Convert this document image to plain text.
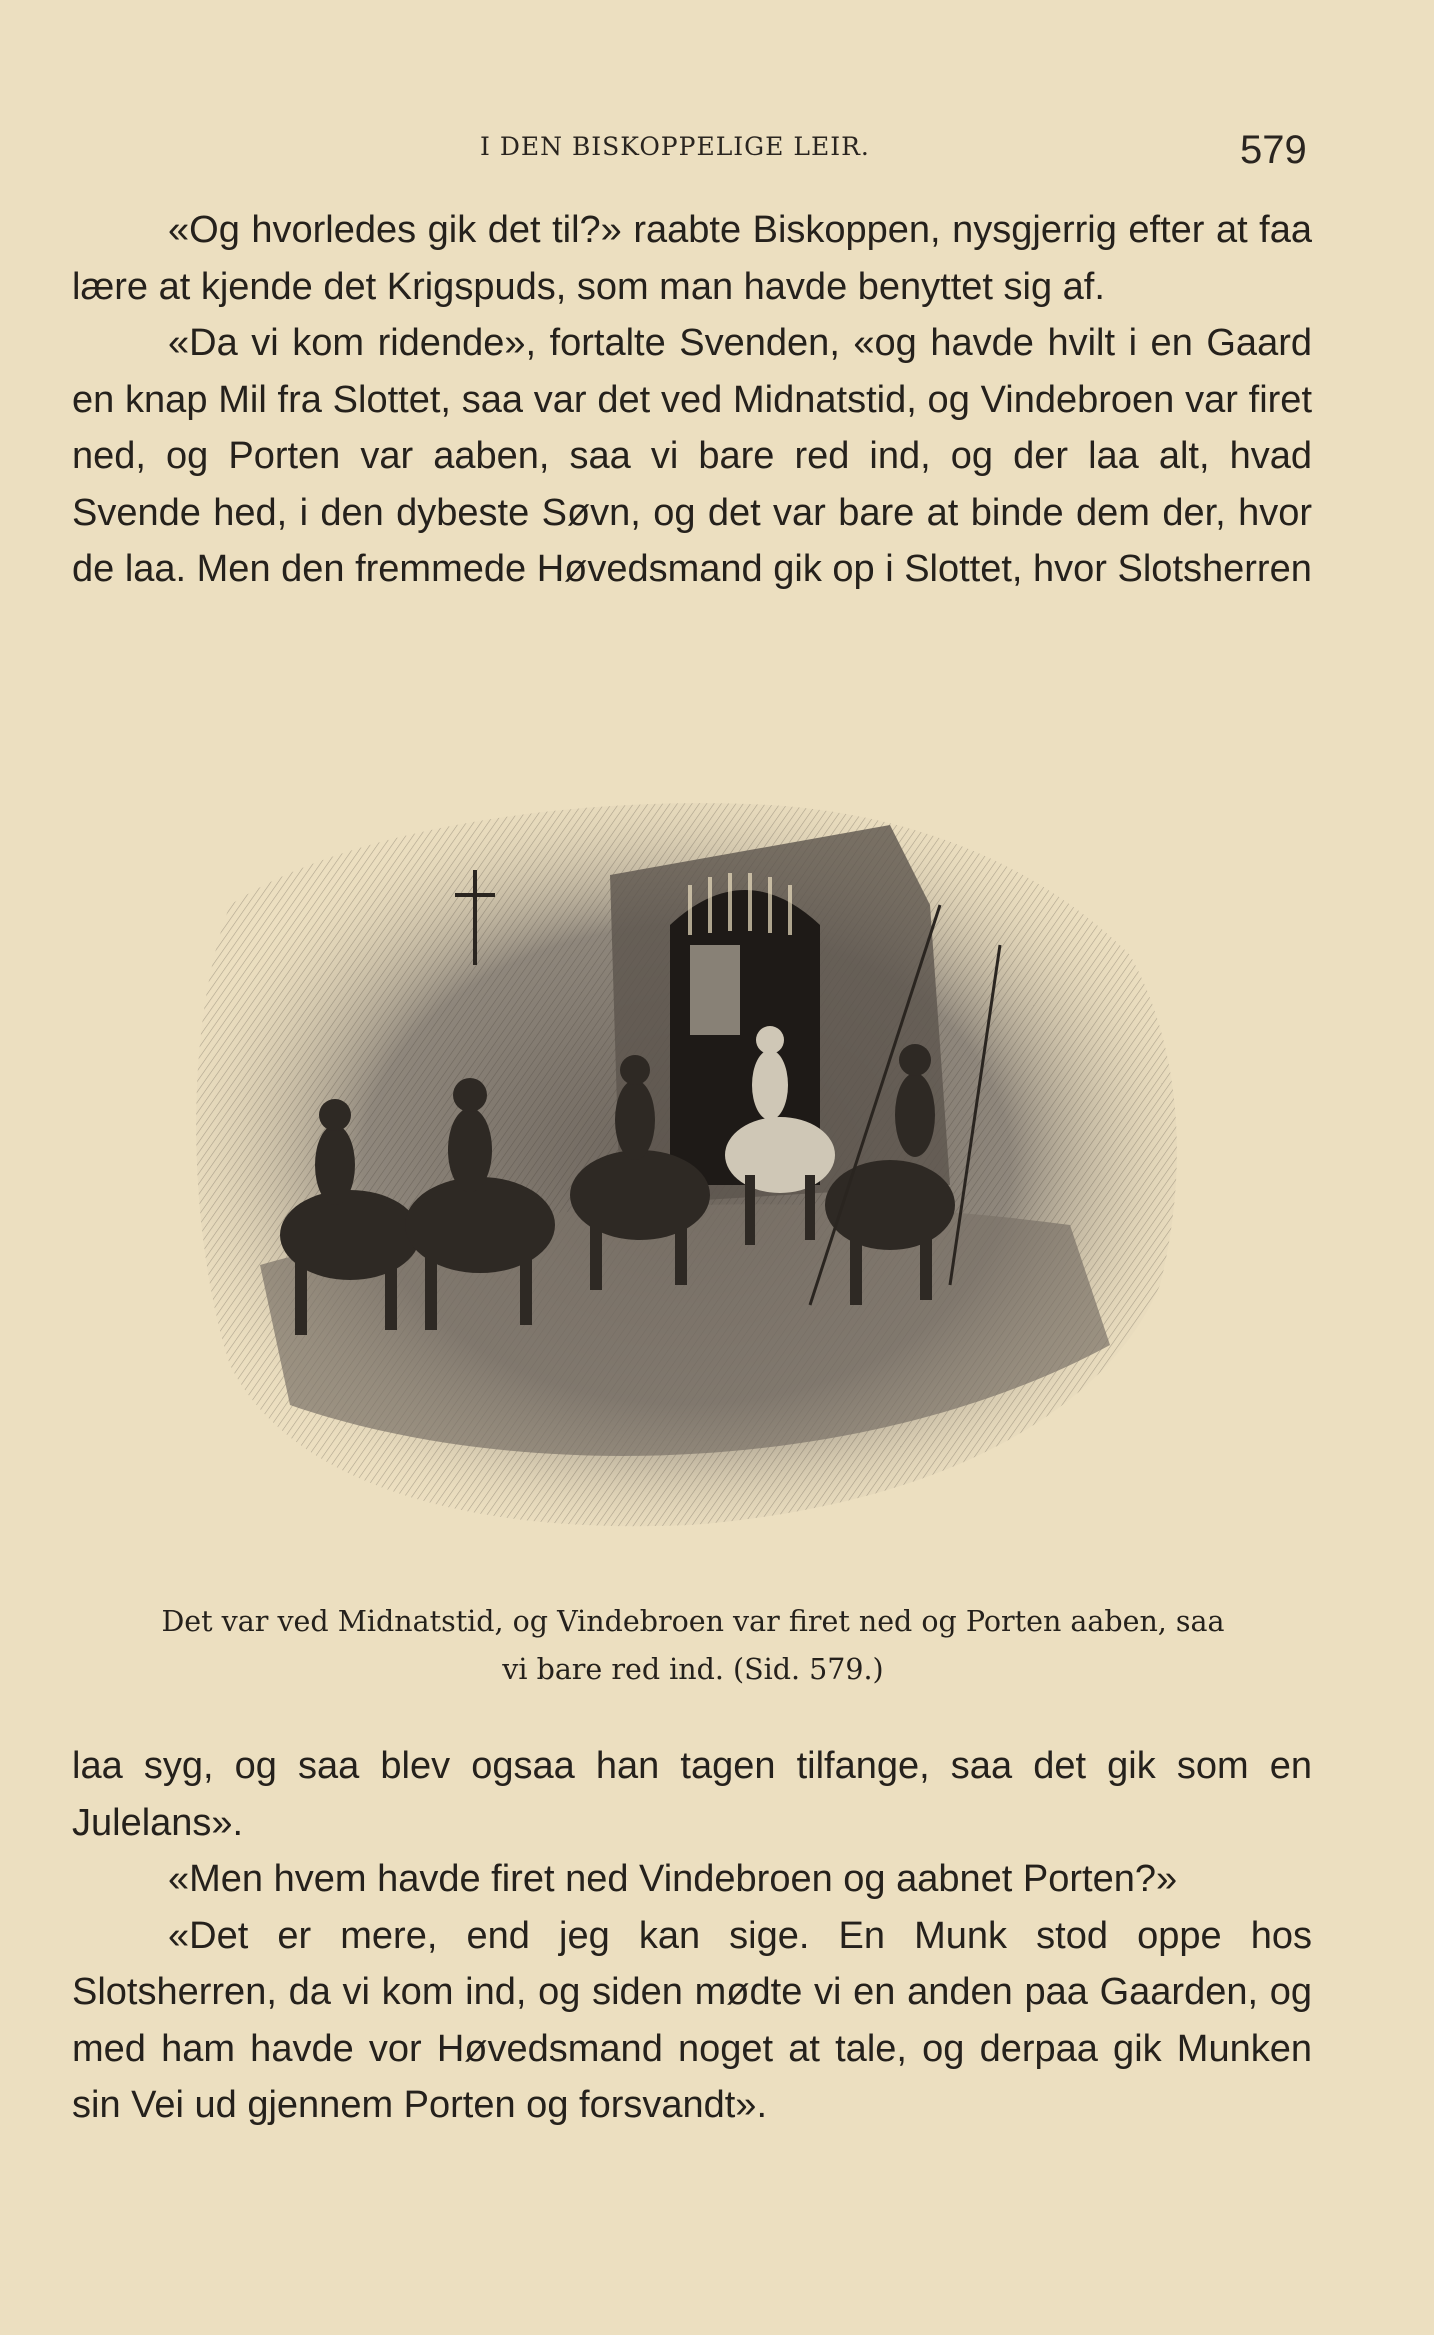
I DEN BISKOPPELIGE LEIR.	579

«Og hvorledes gik det til?» raabte Biskoppen, nysgjerrig efter at faa lære at kjende det Krigspuds, som man havde benyttet sig af.

«Da vi kom ridende», fortalte Svenden, «og havde hvilt i en Gaard en knap Mil fra Slottet, saa var det ved Midnatstid, og Vindebroen var firet ned, og Porten var aaben, saa vi bare red ind, og der laa alt, hvad Svende hed, i den dybeste Søvn, og det var bare at binde dem der, hvor de laa. Men den fremmede Høvedsmand gik op i Slottet, hvor Slotsherren

Det var ved Midnatstid, og Vindebroen var firet ned og Porten aaben, saa
vi bare red ind. (Sid. 579.)

laa syg, og saa blev ogsaa han tagen tilfange, saa det gik som en Julelans».

«Men hvem havde firet ned Vindebroen og aabnet Porten?»

«Det er mere, end jeg kan sige. En Munk stod oppe hos Slotsherren, da vi kom ind, og siden mødte vi en anden paa Gaarden, og med ham havde vor Høvedsmand noget at tale, og derpaa gik Munken sin Vei ud gjennem Porten og forsvandt».
